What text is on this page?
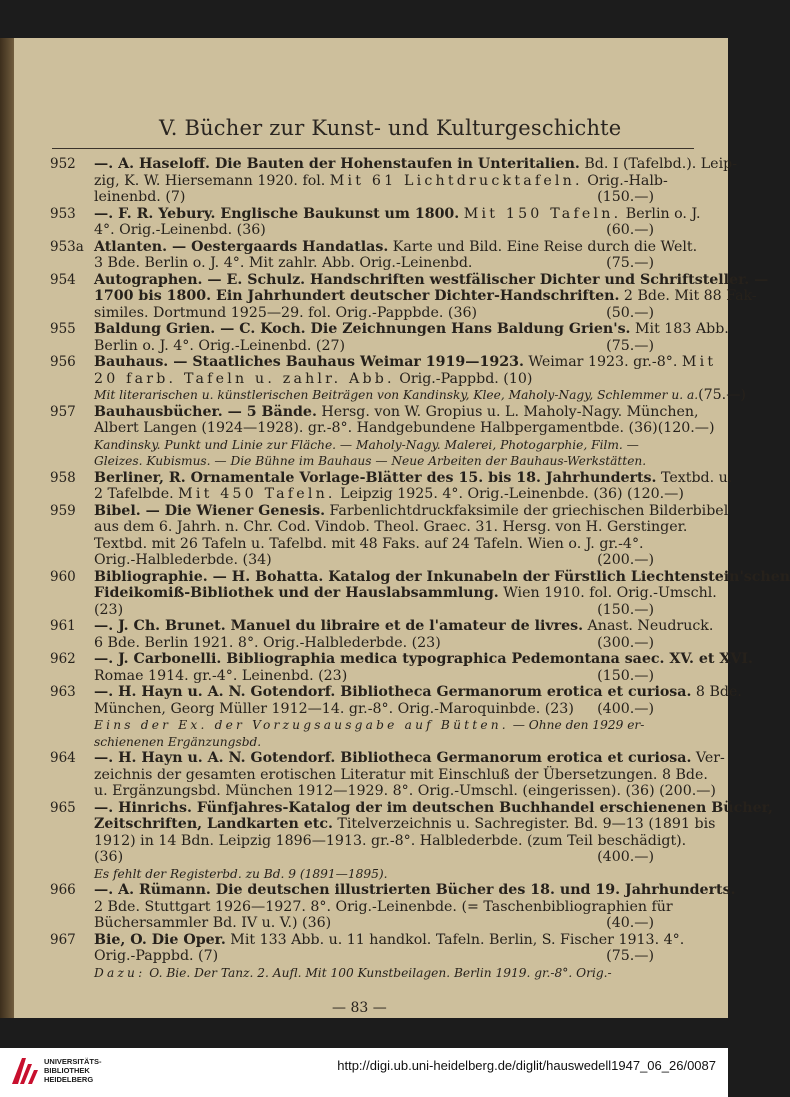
V. Bücher zur Kunst- und Kulturgeschichte
952	—. A. Haseloff. Die Bauten der Hohenstaufen in Unteritalien. Bd. I (Tafelbd.). Leip-
zig, K. W. Hiersemann 1920. fol. Mit 61 Lichtdrucktafeln. Orig.-Halb-
leinenbd. (7)	(150.—)
953	—. F. R. Yebury. Englische Baukunst um 1800. Mit 150 Tafeln. Berlin o. J.
4°. Orig.-Leinenbd. (36)	(60.—)
953a Atlanten. — Oestergaards Handatlas. Karte und Bild. Eine Reise durch die Welt.
3 Bde. Berlin o. J. 4°. Mit zahlr. Abb. Orig.-Leinenbd.	(75.—)
954	Autographen. — E. Schulz. Handschriften westfälischer Dichter und Schriftsteller. —
1700 bis 1800. Ein Jahrhundert deutscher Dichter-Handschriften. 2 Bde. Mit 88 Fak-
similes. Dortmund 1925—29. fol. Orig.-Pappbde. (36)	(50.—)
955	Baldung Grien. — C. Koch. Die Zeichnungen Hans Baldung Grien's. Mit 183 Abb.
Berlin o. J. 4°. Orig.-Leinenbd. (27)	(75.—)
956	Bauhaus. — Staatliches Bauhaus Weimar 1919—1923. Weimar 1923. gr.-8°. Mit
20 farb. Tafeln u. zahlr. Abb. Orig.-Pappbd. (10)
Mit literarischen u. künstlerischen Beiträgen von Kandinsky, Klee, Maholy-Nagy, Schlemmer u. a. (75.—)
957	Bauhausbücher. — 5 Bände. Hersg. von W. Gropius u. L. Maholy-Nagy. München,
Albert Langen (1924—1928). gr.-8°. Handgebundene Halbpergamentbde. (36) (120.—)
Kandinsky. Punkt und Linie zur Fläche. — Maholy-Nagy. Malerei, Photogarphie, Film. —
Gleizes. Kubismus. — Die Bühne im Bauhaus — Neue Arbeiten der Bauhaus-Werkstätten.
958	Berliner, R. Ornamentale Vorlage-Blätter des 15. bis 18. Jahrhunderts. Textbd. u.
2 Tafelbde. Mit 450 Tafeln. Leipzig 1925. 4°. Orig.-Leinenbde. (36) (120.—)
959	Bibel. — Die Wiener Genesis. Farbenlichtdruckfaksimile der griechischen Bilderbibel
aus dem 6. Jahrh. n. Chr. Cod. Vindob. Theol. Graec. 31. Hersg. von H. Gerstinger.
Textbd. mit 26 Tafeln u. Tafelbd. mit 48 Faks. auf 24 Tafeln. Wien o. J. gr.-4°.
Orig.-Halblederbde. (34)	(200.—)
960	Bibliographie. — H. Bohatta. Katalog der Inkunabeln der Fürstlich Liechtenstein'schen
Fideikomiß-Bibliothek und der Hauslabsammlung. Wien 1910. fol. Orig.-Umschl.
(23)	(150.—)
961	—. J. Ch. Brunet. Manuel du libraire et de l'amateur de livres. Anast. Neudruck.
6 Bde. Berlin 1921. 8°. Orig.-Halblederbde. (23)	(300.—)
962	—. J. Carbonelli. Bibliographia medica typographica Pedemontana saec. XV. et XVI.
Romae 1914. gr.-4°. Leinenbd. (23)	(150.—)
963	—. H. Hayn u. A. N. Gotendorf. Bibliotheca Germanorum erotica et curiosa. 8 Bde.
München, Georg Müller 1912—14. gr.-8°. Orig.-Maroquinbde. (23) (400.—)
Eins der Ex. der Vorzugsausgabe auf Bütten. — Ohne den 1929 er-
schienenen Ergänzungsbd.
964	—. H. Hayn u. A. N. Gotendorf. Bibliotheca Germanorum erotica et curiosa. Ver-
zeichnis der gesamten erotischen Literatur mit Einschluß der Übersetzungen. 8 Bde.
u. Ergänzungsbd. München 1912—1929. 8°. Orig.-Umschl. (eingerissen). (36) (200.—)
965	—. Hinrichs. Fünfjahres-Katalog der im deutschen Buchhandel erschienenen Bücher,
Zeitschriften, Landkarten etc. Titelverzeichnis u. Sachregister. Bd. 9—13 (1891 bis
1912) in 14 Bdn. Leipzig 1896—1913. gr.-8°. Halblederbde. (zum Teil beschädigt).
(36)	(400.—)
Es fehlt der Registerbd. zu Bd. 9 (1891—1895).
966	—. A. Rümann. Die deutschen illustrierten Bücher des 18. und 19. Jahrhunderts.
2 Bde. Stuttgart 1926—1927. 8°. Orig.-Leinenbde. (= Taschenbibliographien für
Büchersammler Bd. IV u. V.) (36)	(40.—)
967	Bie, O. Die Oper. Mit 133 Abb. u. 11 handkol. Tafeln. Berlin, S. Fischer 1913. 4°.
Orig.-Pappbd. (7)	(75.—)
Dazu: O. Bie. Der Tanz. 2. Aufl. Mit 100 Kunstbeilagen. Berlin 1919. gr.-8°. Orig.-
— 83 —
UNIVERSITÄTS-
BIBLIOTHEK
HEIDELBERG
http://digi.ub.uni-heidelberg.de/diglit/hauswedell1947_06_26/0087
